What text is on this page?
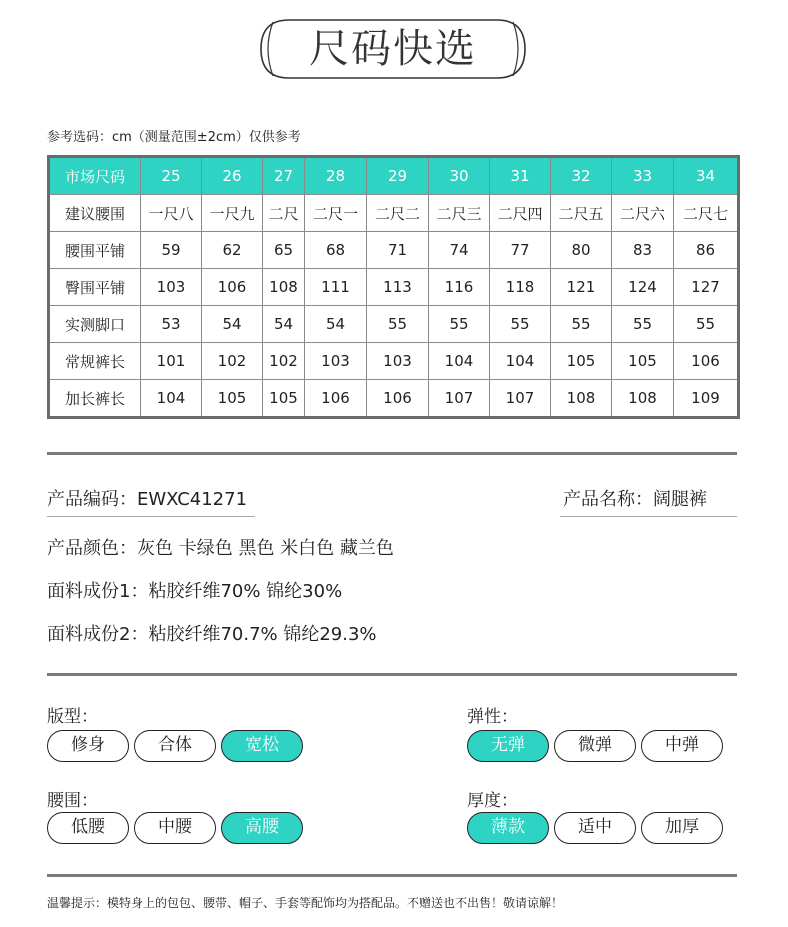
尺码快选
参考选码：cm（测量范围±2cm）仅供参考
市场尺码	25	26	27	28	29	30	31	32	33	34
建议腰围	一尺八	一尺九	二尺	二尺一	二尺二	二尺三	二尺四	二尺五	二尺六	二尺七
腰围平铺	59	62	65	68	71	74	77	80	83	86
臀围平铺	103	106	108	111	113	116	118	121	124	127
实测脚口	53	54	54	54	55	55	55	55	55	55
常规裤长	101	102	102	103	103	104	104	105	105	106
加长裤长	104	105	105	106	106	107	107	108	108	109
产品编码：EWXC41271	产品名称：阔腿裤
产品颜色：灰色 卡绿色 黑色 米白色 藏兰色
面料成份1：粘胶纤维70% 锦纶30%
面料成份2：粘胶纤维70.7% 锦纶29.3%
版型：
修身	合体	宽松
弹性：
无弹	微弹	中弹
腰围：
低腰	中腰	高腰
厚度：
薄款	适中	加厚
温馨提示：模特身上的包包、腰带、帽子、手套等配饰均为搭配品。不赠送也不出售！敬请谅解！
